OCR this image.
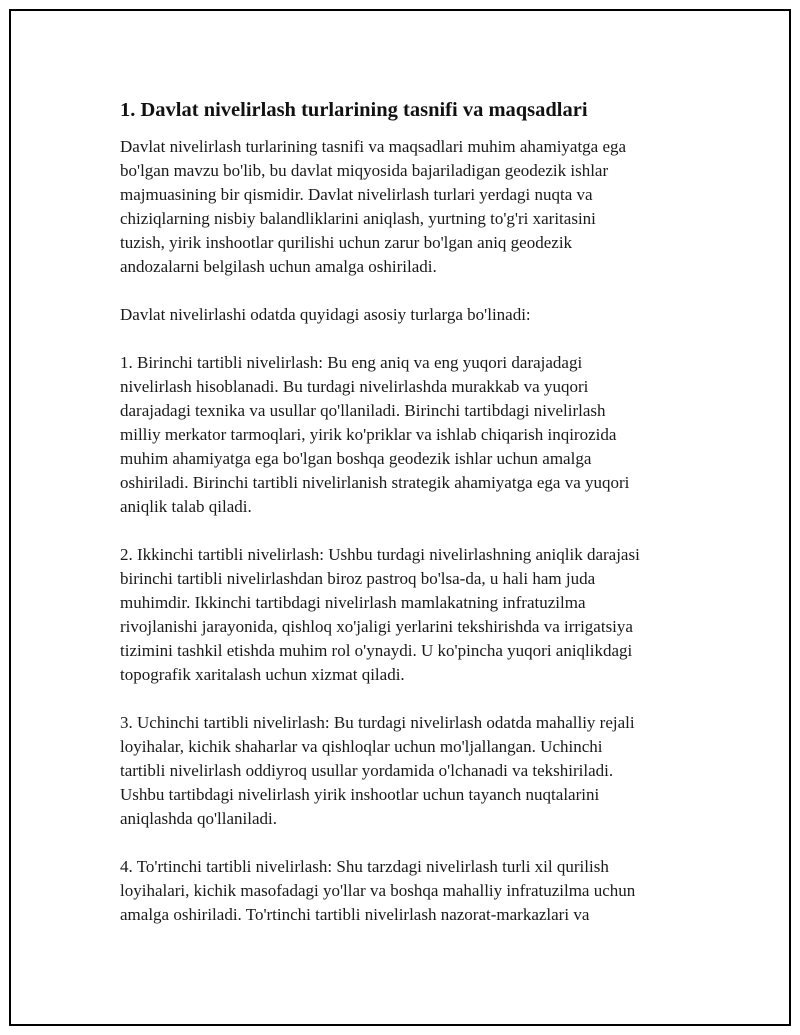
1. Davlat nivelirlash turlarining tasnifi va maqsadlari

Davlat nivelirlash turlarining tasnifi va maqsadlari muhim ahamiyatga ega
bo'lgan mavzu bo'lib, bu davlat miqyosida bajariladigan geodezik ishlar
majmuasining bir qismidir. Davlat nivelirlash turlari yerdagi nuqta va
chiziqlarning nisbiy balandliklarini aniqlash, yurtning to'g'ri xaritasini
tuzish, yirik inshootlar qurilishi uchun zarur bo'lgan aniq geodezik
andozalarni belgilash uchun amalga oshiriladi.

Davlat nivelirlashi odatda quyidagi asosiy turlarga bo'linadi:

1. Birinchi tartibli nivelirlash: Bu eng aniq va eng yuqori darajadagi
nivelirlash hisoblanadi. Bu turdagi nivelirlashda murakkab va yuqori
darajadagi texnika va usullar qo'llaniladi. Birinchi tartibdagi nivelirlash
milliy merkator tarmoqlari, yirik ko'priklar va ishlab chiqarish inqirozida
muhim ahamiyatga ega bo'lgan boshqa geodezik ishlar uchun amalga
oshiriladi. Birinchi tartibli nivelirlanish strategik ahamiyatga ega va yuqori
aniqlik talab qiladi.

2. Ikkinchi tartibli nivelirlash: Ushbu turdagi nivelirlashning aniqlik darajasi
birinchi tartibli nivelirlashdan biroz pastroq bo'lsa-da, u hali ham juda
muhimdir. Ikkinchi tartibdagi nivelirlash mamlakatning infratuzilma
rivojlanishi jarayonida, qishloq xo'jaligi yerlarini tekshirishda va irrigatsiya
tizimini tashkil etishda muhim rol o'ynaydi. U ko'pincha yuqori aniqlikdagi
topografik xaritalash uchun xizmat qiladi.

3. Uchinchi tartibli nivelirlash: Bu turdagi nivelirlash odatda mahalliy rejali
loyihalar, kichik shaharlar va qishloqlar uchun mo'ljallangan. Uchinchi
tartibli nivelirlash oddiyroq usullar yordamida o'lchanadi va tekshiriladi.
Ushbu tartibdagi nivelirlash yirik inshootlar uchun tayanch nuqtalarini
aniqlashda qo'llaniladi.

4. To'rtinchi tartibli nivelirlash: Shu tarzdagi nivelirlash turli xil qurilish
loyihalari, kichik masofadagi yo'llar va boshqa mahalliy infratuzilma uchun
amalga oshiriladi. To'rtinchi tartibli nivelirlash nazorat-markazlari va
